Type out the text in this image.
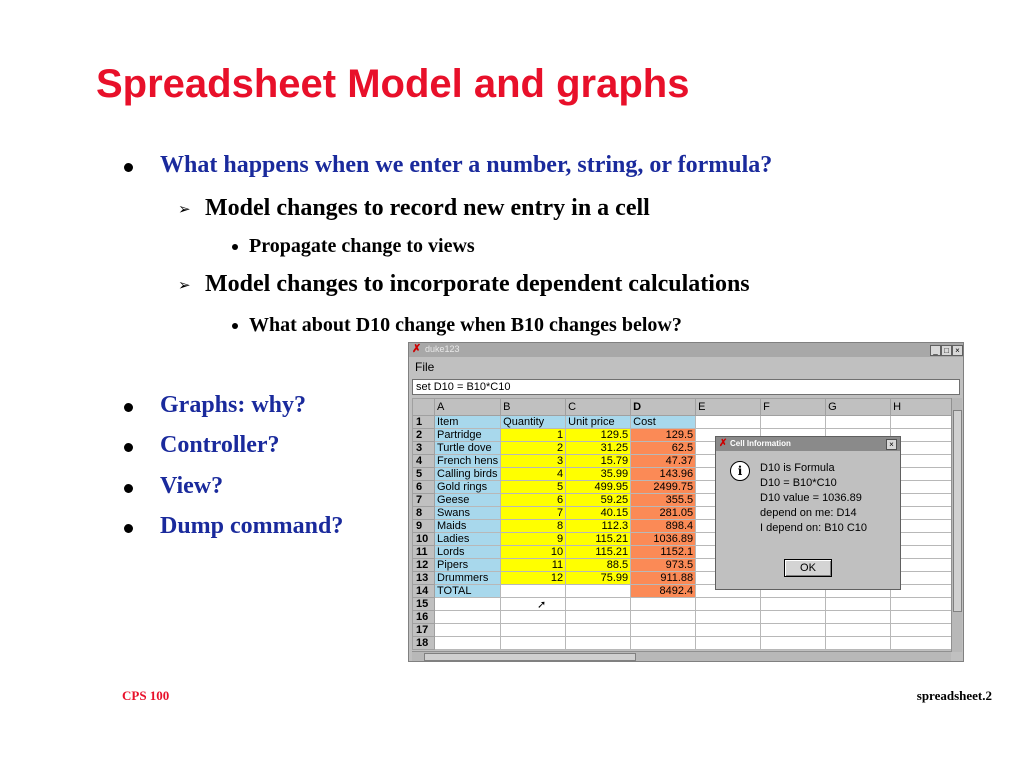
Spreadsheet Model and graphs
What happens when we enter a number, string, or formula?
➢ Model changes to record new entry in a cell
Propagate change to views
➢ Model changes to incorporate dependent calculations
What about D10 change when B10 changes below?
Graphs: why?
Controller?
View?
Dump command?
✗ duke123	_ □ ×
File
set D10 = B10*C10
	A	B	C	D	E	F	G	H
1	Item	Quantity	Unit price	Cost				
2	Partridge	1	129.5	129.5				
3	Turtle dove	2	31.25	62.5				
4	French hens	3	15.79	47.37				
5	Calling birds	4	35.99	143.96				
6	Gold rings	5	499.95	2499.75				
7	Geese	6	59.25	355.5				
8	Swans	7	40.15	281.05				
9	Maids	8	112.3	898.4				
10	Ladies	9	115.21	1036.89				
11	Lords	10	115.21	1152.1				
12	Pipers	11	88.5	973.5				
13	Drummers	12	75.99	911.88				
14	TOTAL			8492.4				
15								
16								
17								
18								
➚
✗ Cell Information	×
i	D10 is Formula
D10 = B10*C10
D10 value = 1036.89
depend on me: D14
I depend on: B10 C10
OK
CPS 100	spreadsheet.2
